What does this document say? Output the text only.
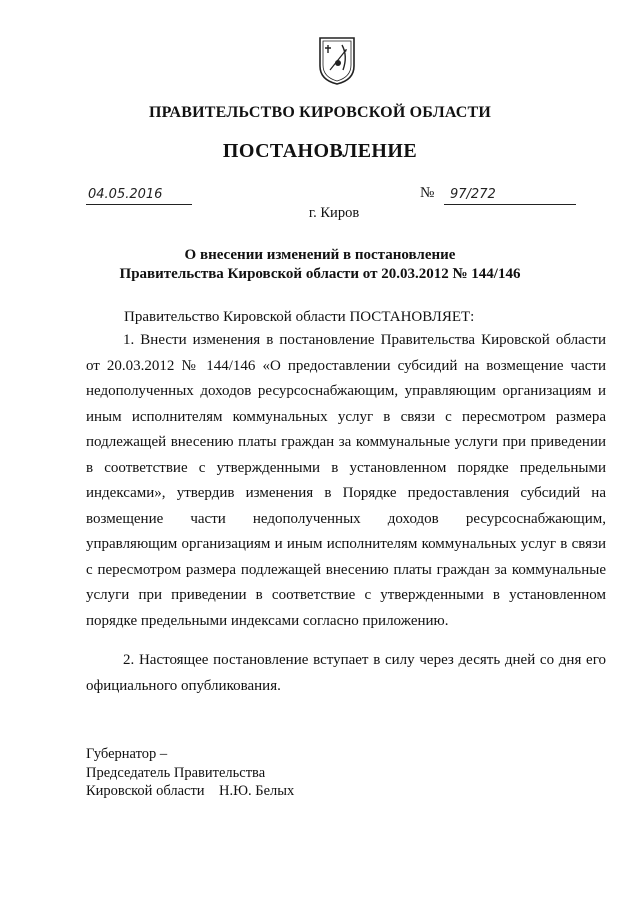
ПРАВИТЕЛЬСТВО КИРОВСКОЙ ОБЛАСТИ
ПОСТАНОВЛЕНИЕ
04.05.2016	№	97/272
г. Киров
О внесении изменений в постановление
Правительства Кировской области от 20.03.2012 № 144/146
Правительство Кировской области ПОСТАНОВЛЯЕТ:

1. Внести изменения в постановление Правительства Кировской области от 20.03.2012 № 144/146 «О предоставлении субсидий на возмещение части недополученных доходов ресурсоснабжающим, управляющим организациям и иным исполнителям коммунальных услуг в связи с пересмотром размера подлежащей внесению платы граждан за коммунальные услуги при приведении в соответствие с утвержденными в установленном порядке предельными индексами», утвердив изменения в Порядке предоставления субсидий на возмещение части недополученных доходов ресурсоснабжающим, управляющим организациям и иным исполнителям коммунальных услуг в связи с пересмотром размера подлежащей внесению платы граждан за коммунальные услуги при приведении в соответствие с утвержденными в установленном порядке предельными индексами согласно приложению.

2. Настоящее постановление вступает в силу через десять дней со дня его официального опубликования.

Губернатор –
Председатель Правительства
Кировской области    Н.Ю. Белых
